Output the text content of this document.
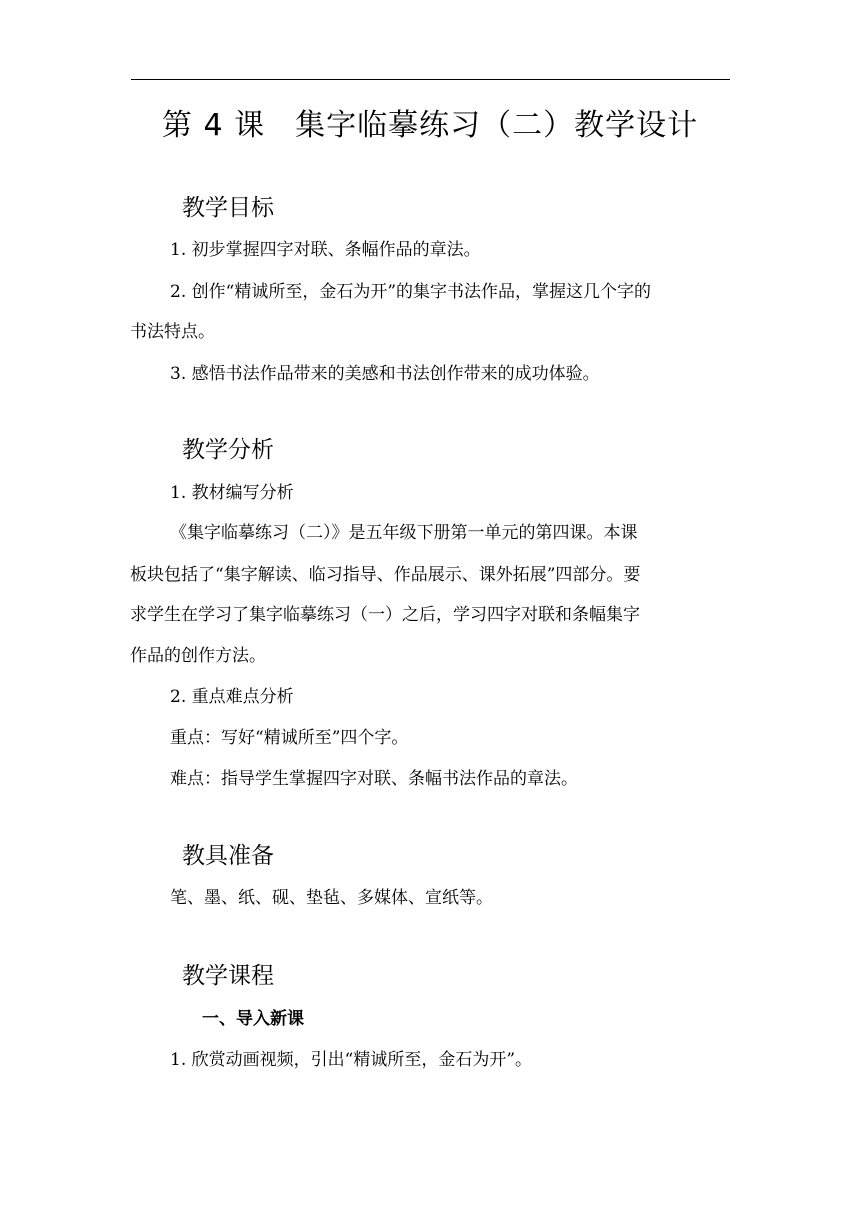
第 4 课 集字临摹练习（二）教学设计
教学目标
1. 初步掌握四字对联、条幅作品的章法。
2. 创作“精诚所至，金石为开”的集字书法作品，掌握这几个字的
书法特点。
3. 感悟书法作品带来的美感和书法创作带来的成功体验。
教学分析
1. 教材编写分析
《集字临摹练习（二）》是五年级下册第一单元的第四课。本课
板块包括了“集字解读、临习指导、作品展示、课外拓展”四部分。要
求学生在学习了集字临摹练习（一）之后，学习四字对联和条幅集字
作品的创作方法。
2. 重点难点分析
重点：写好“精诚所至”四个字。
难点：指导学生掌握四字对联、条幅书法作品的章法。
教具准备
笔、墨、纸、砚、垫毡、多媒体、宣纸等。
教学课程
一、导入新课
1. 欣赏动画视频，引出“精诚所至，金石为开”。
